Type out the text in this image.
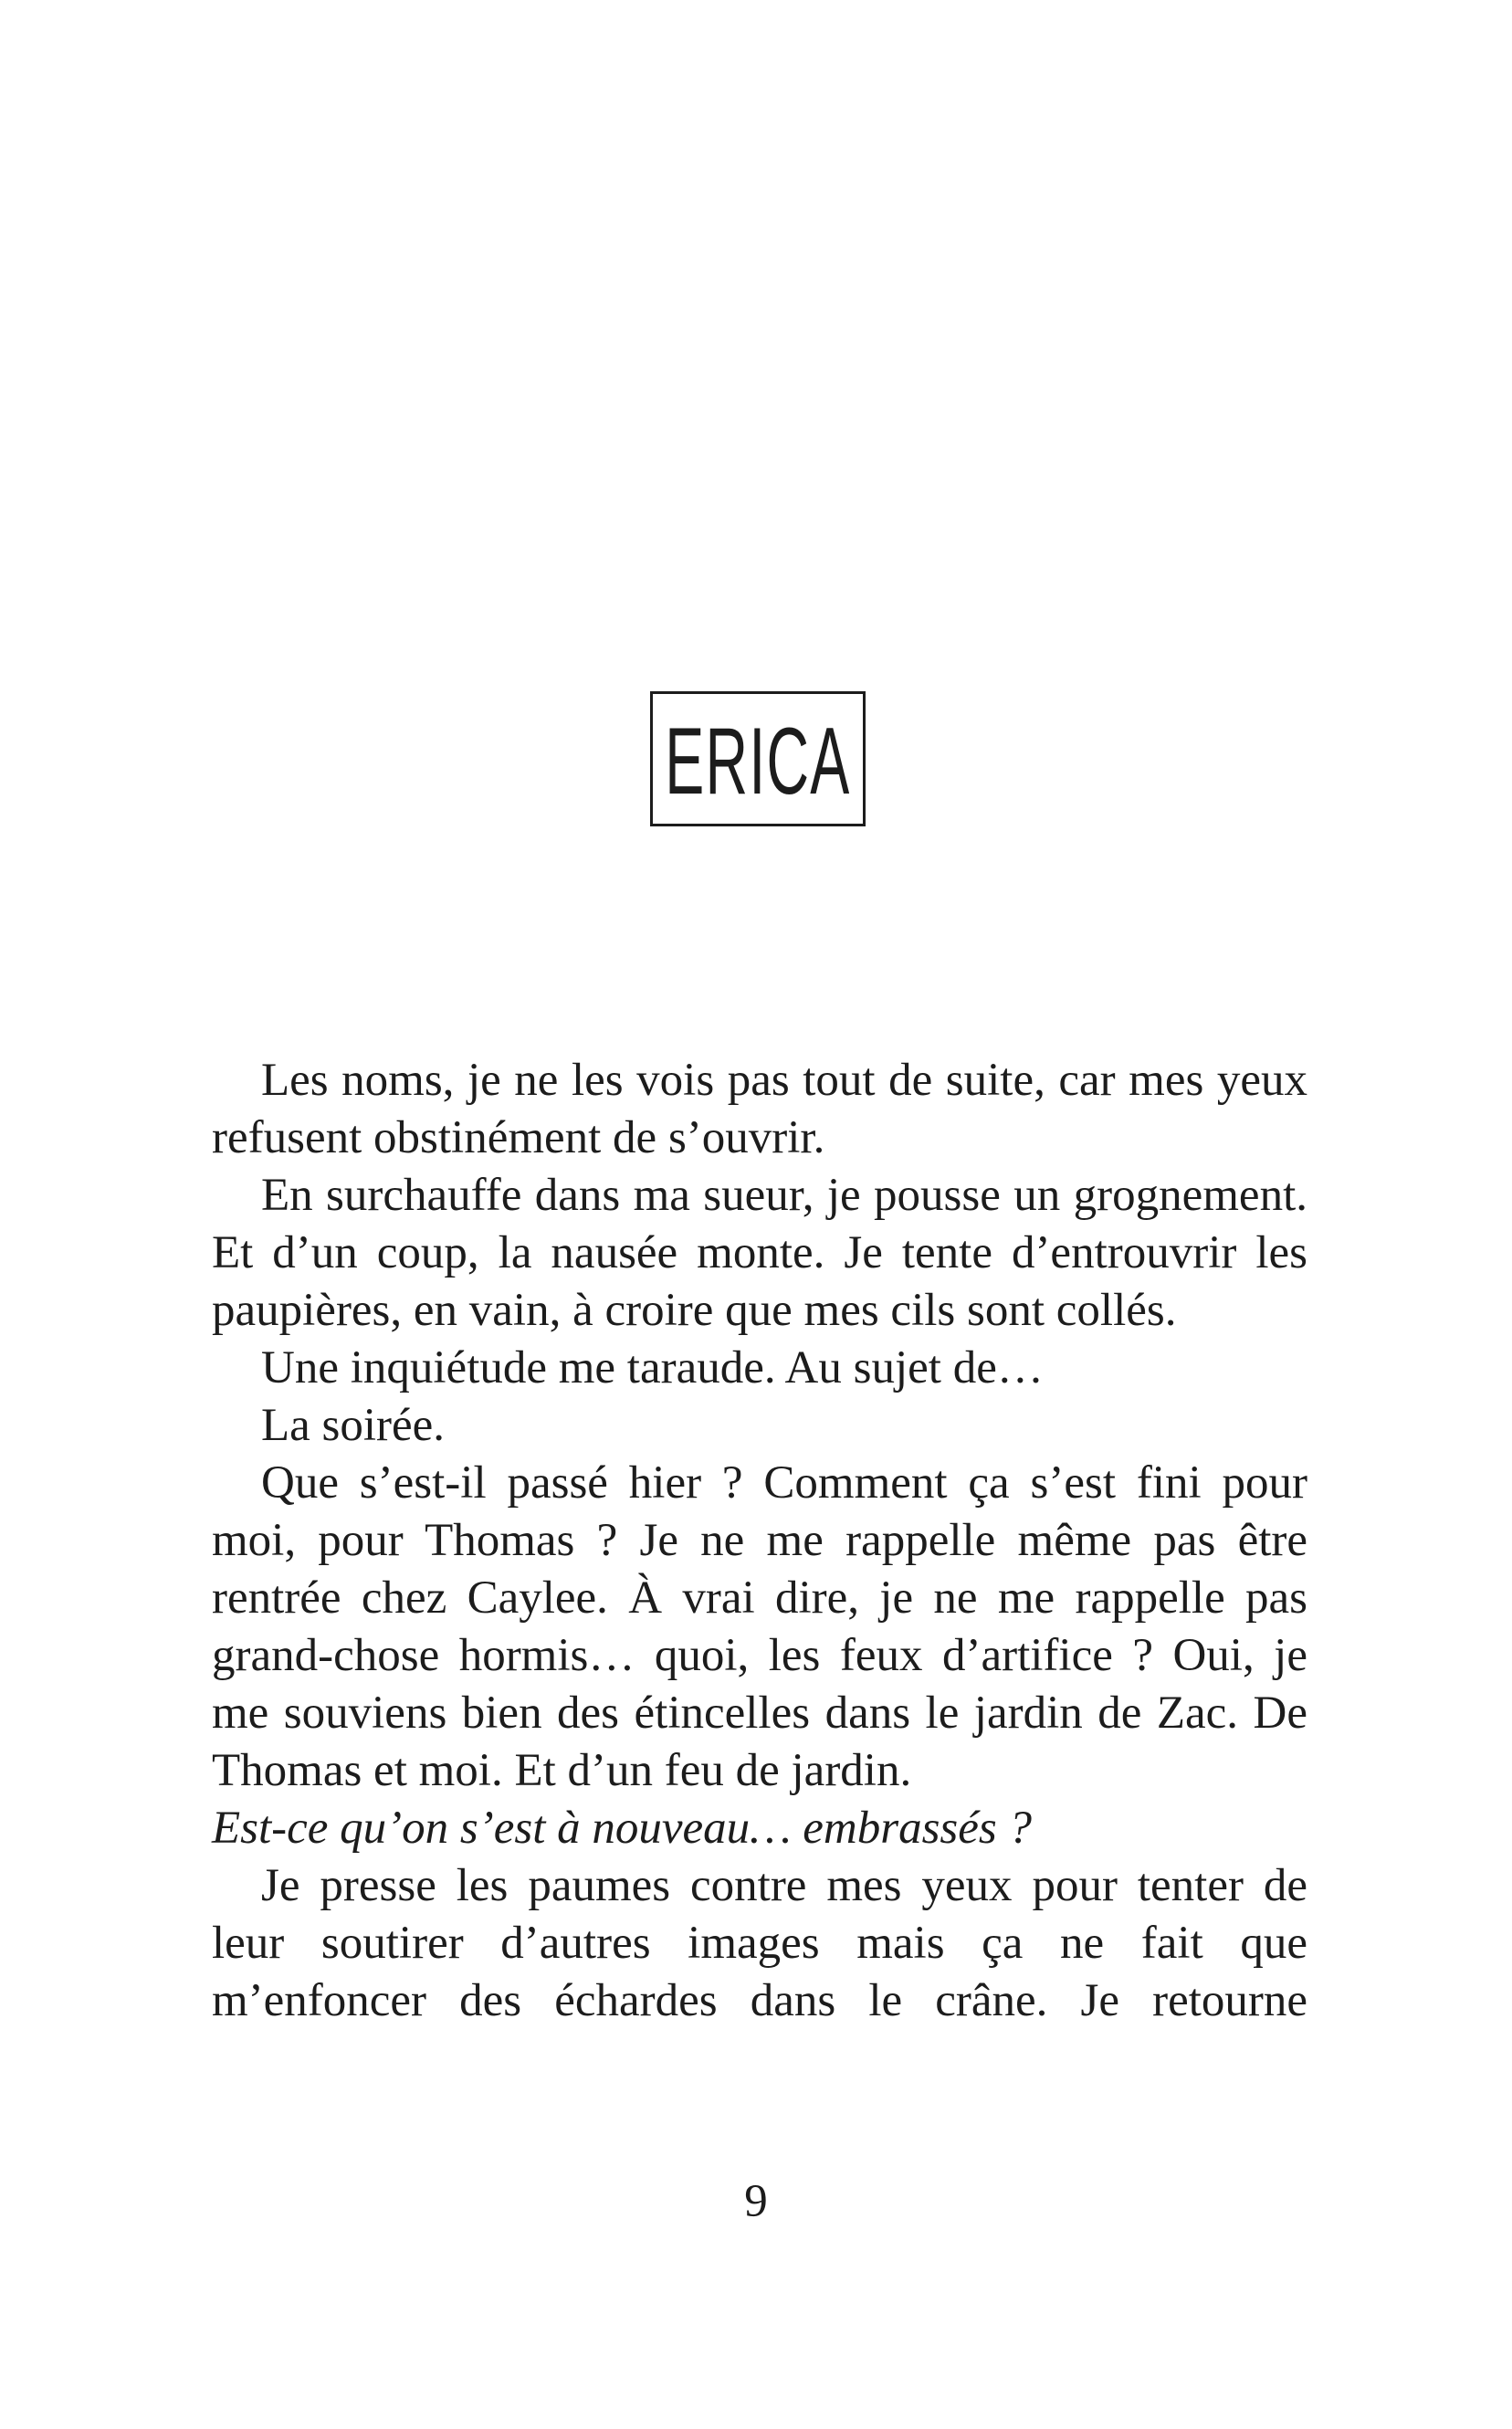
ERICA

Les noms, je ne les vois pas tout de suite, car mes yeux refusent obstinément de s’ouvrir.

En surchauffe dans ma sueur, je pousse un grognement. Et d’un coup, la nausée monte. Je tente d’entrouvrir les paupières, en vain, à croire que mes cils sont collés.

Une inquiétude me taraude. Au sujet de…

La soirée.

Que s’est-il passé hier ? Comment ça s’est fini pour moi, pour Thomas ? Je ne me rappelle même pas être rentrée chez Caylee. À vrai dire, je ne me rappelle pas grand-chose hormis… quoi, les feux d’artifice ? Oui, je me souviens bien des étincelles dans le jardin de Zac. De Thomas et moi. Et d’un feu de jardin.

Est-ce qu’on s’est à nouveau… embrassés ?

Je presse les paumes contre mes yeux pour tenter de leur soutirer d’autres images mais ça ne fait que m’enfoncer des échardes dans le crâne. Je retourne

9
